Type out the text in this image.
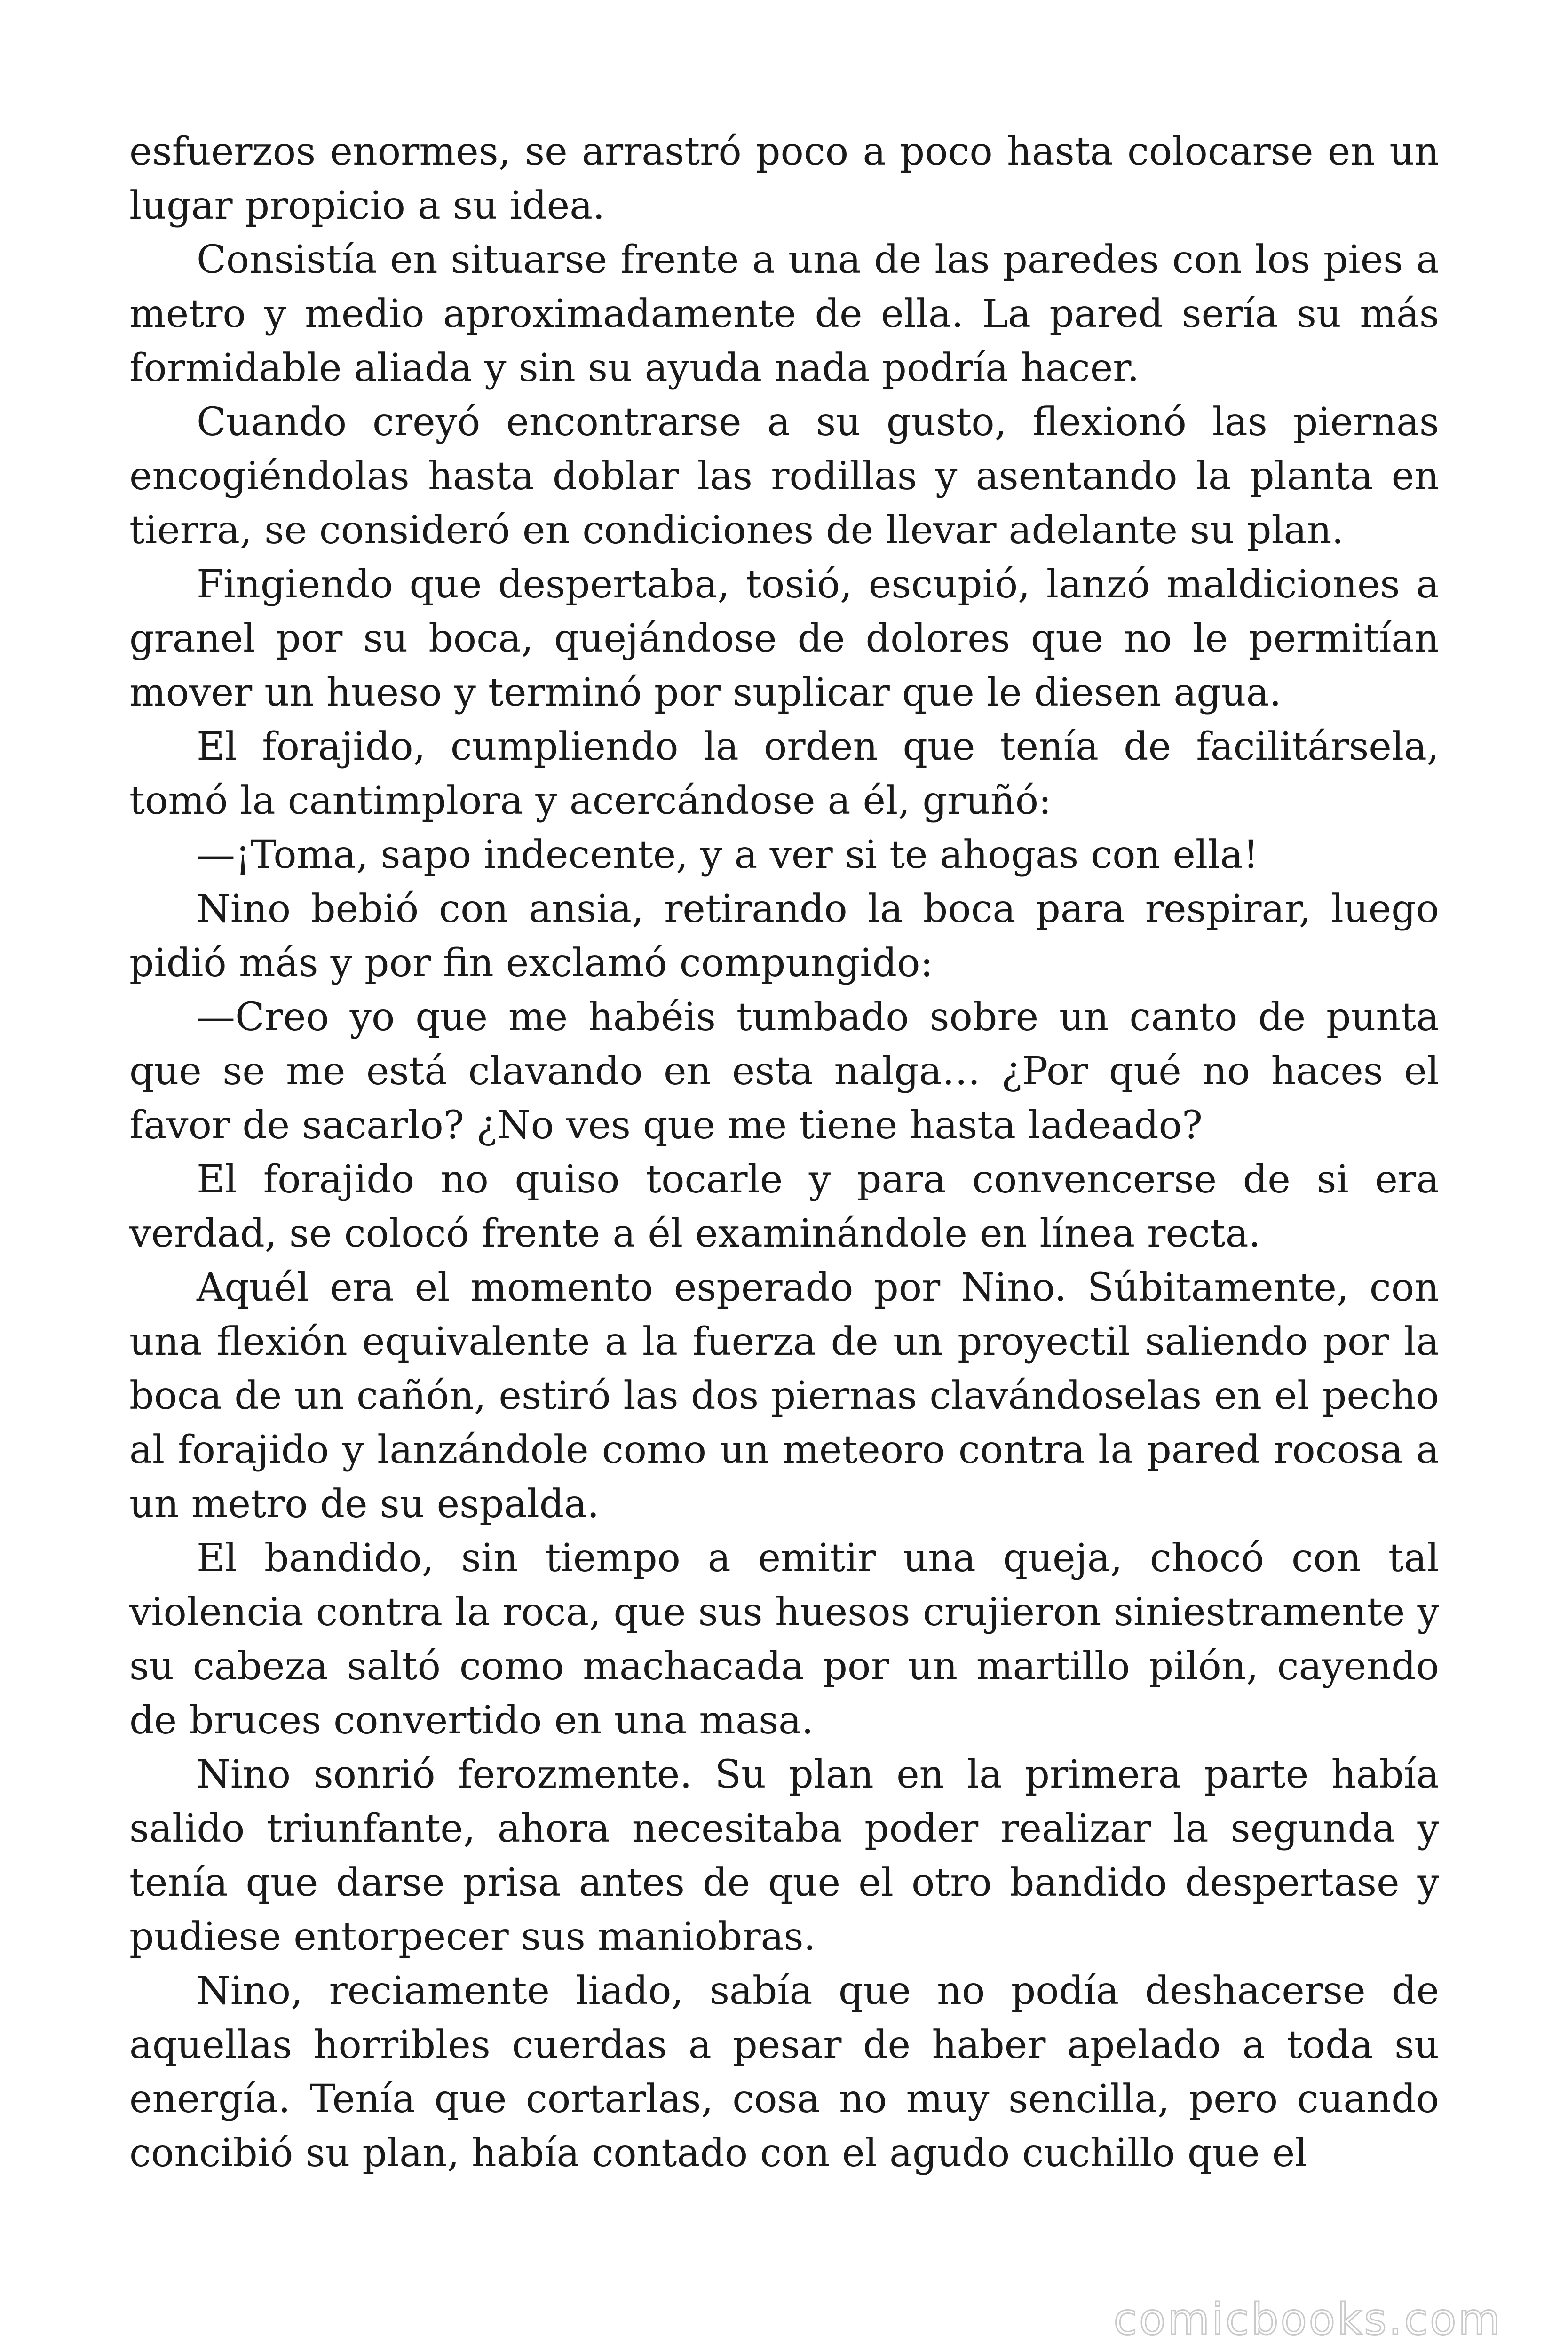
esfuerzos enormes, se arrastró poco a poco hasta colocarse en un lugar propicio a su idea.

Consistía en situarse frente a una de las paredes con los pies a metro y medio aproximadamente de ella. La pared sería su más formidable aliada y sin su ayuda nada podría hacer.

Cuando creyó encontrarse a su gusto, flexionó las piernas encogiéndolas hasta doblar las rodillas y asentando la planta en tierra, se consideró en condiciones de llevar adelante su plan.

Fingiendo que despertaba, tosió, escupió, lanzó maldiciones a granel por su boca, quejándose de dolores que no le permitían mover un hueso y terminó por suplicar que le diesen agua.

El forajido, cumpliendo la orden que tenía de facilitársela, tomó la cantimplora y acercándose a él, gruñó:

—¡Toma, sapo indecente, y a ver si te ahogas con ella!

Nino bebió con ansia, retirando la boca para respirar, luego pidió más y por fin exclamó compungido:

—Creo yo que me habéis tumbado sobre un canto de punta que se me está clavando en esta nalga… ¿Por qué no haces el favor de sacarlo? ¿No ves que me tiene hasta ladeado?

El forajido no quiso tocarle y para convencerse de si era verdad, se colocó frente a él examinándole en línea recta.

Aquél era el momento esperado por Nino. Súbitamente, con una flexión equivalente a la fuerza de un proyectil saliendo por la boca de un cañón, estiró las dos piernas clavándoselas en el pecho al forajido y lanzándole como un meteoro contra la pared rocosa a un metro de su espalda.

El bandido, sin tiempo a emitir una queja, chocó con tal violencia contra la roca, que sus huesos crujieron siniestramente y su cabeza saltó como machacada por un martillo pilón, cayendo de bruces convertido en una masa.

Nino sonrió ferozmente. Su plan en la primera parte había salido triunfante, ahora necesitaba poder realizar la segunda y tenía que darse prisa antes de que el otro bandido despertase y pudiese entorpecer sus maniobras.

Nino, reciamente liado, sabía que no podía deshacerse de aquellas horribles cuerdas a pesar de haber apelado a toda su energía. Tenía que cortarlas, cosa no muy sencilla, pero cuando concibió su plan, había contado con el agudo cuchillo que el

comicbooks.com
